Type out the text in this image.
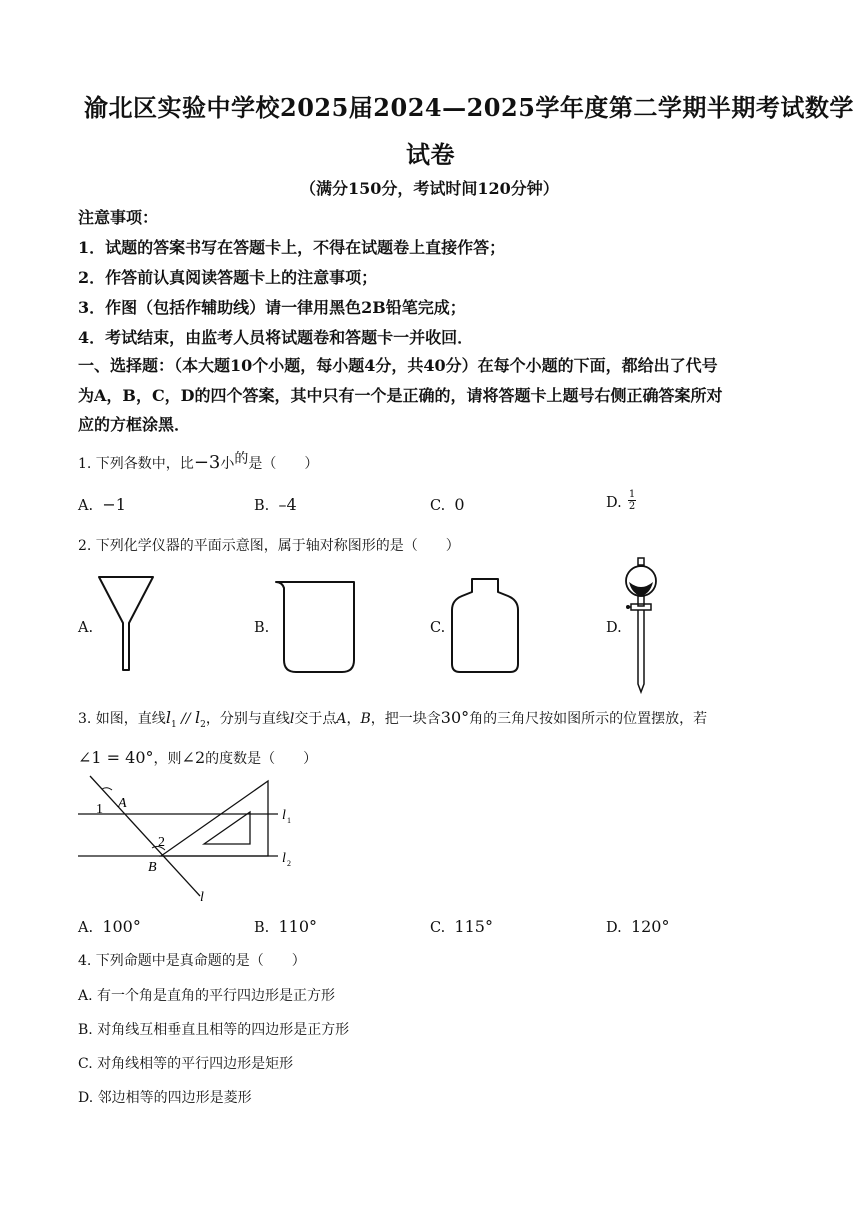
渝北区实验中学校2025届2024—2025学年度第二学期半期考试数学
试卷
（满分150分，考试时间120分钟）
注意事项：
1．试题的答案书写在答题卡上，不得在试题卷上直接作答；
2．作答前认真阅读答题卡上的注意事项；
3．作图（包括作辅助线）请一律用黑色2B铅笔完成；
4．考试结束，由监考人员将试题卷和答题卡一并收回．
一、选择题：（本大题10个小题，每小题4分，共40分）在每个小题的下面，都给出了代号
为A，B，C，D的四个答案，其中只有一个是正确的，请将答题卡上题号右侧正确答案所对
应的方框涂黑．
1. 下列各数中，比−3小的是（　　）
A. −1	B. –4	C. 0	D.
1
2
2. 下列化学仪器的平面示意图，属于轴对称图形的是（　　）
A.	B.	C.	D.
3. 如图，直线$l_1 // l_2$，分别与直线l交于点A，B，把一块含30°角的三角尺按如图所示的位置摆放，若
∠1 = 40°，则∠2的度数是（　　）
1 A
2
B
l 1
l 2
l
A. 100°	B. 110°	C. 115°	D. 120°
4. 下列命题中是真命题的是（　　）
A. 有一个角是直角的平行四边形是正方形
B. 对角线互相垂直且相等的四边形是正方形
C. 对角线相等的平行四边形是矩形
D. 邻边相等的四边形是菱形
